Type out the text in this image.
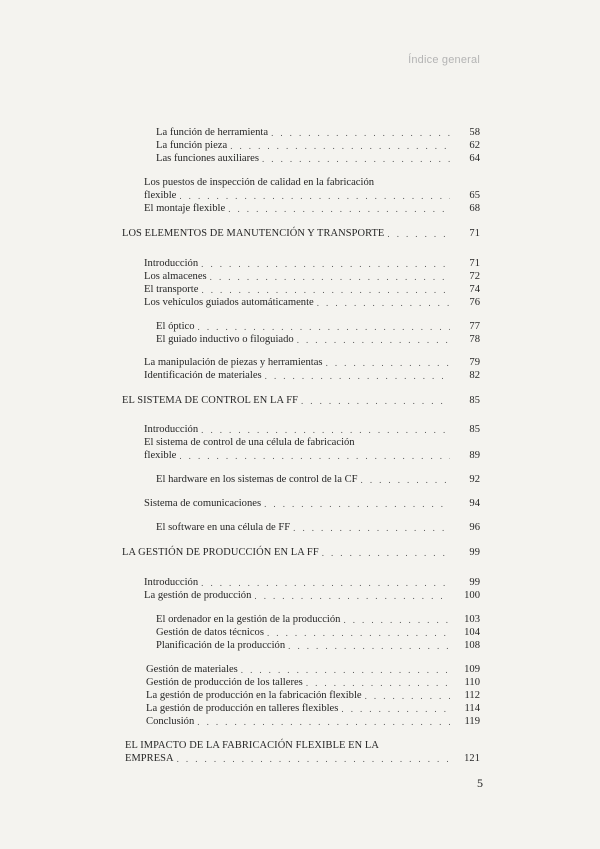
Índice general
La función de herramienta . . .	58
La función pieza . . .	62
Las funciones auxiliares . . .	64
Los puestos de inspección de calidad en la fabricación
flexible . . .	65
El montaje flexible . . .	68
LOS ELEMENTOS DE MANUTENCIÓN Y TRANSPORTE . . .	71
Introducción . . .	71
Los almacenes . . .	72
El transporte . . .	74
Los vehículos guiados automáticamente . . .	76
El óptico . . .	77
El guiado inductivo o filoguiado . . .	78
La manipulación de piezas y herramientas . . .	79
Identificación de materiales . . .	82
EL SISTEMA DE CONTROL EN LA FF . . .	85
Introducción . . .	85
El sistema de control de una célula de fabricación
flexible . . .	89
El hardware en los sistemas de control de la CF . . .	92
Sistema de comunicaciones . . .	94
El software en una célula de FF . . .	96
LA GESTIÓN DE PRODUCCIÓN EN LA FF . . .	99
Introducción . . .	99
La gestión de producción . . .	100
El ordenador en la gestión de la producción . . .	103
Gestión de datos técnicos . . .	104
Planificación de la producción . . .	108
Gestión de materiales . . .	109
Gestión de producción de los talleres . . .	110
La gestión de producción en la fabricación flexible . . .	112
La gestión de producción en talleres flexibles . . .	114
Conclusión . . .	119
EL IMPACTO DE LA FABRICACIÓN FLEXIBLE EN LA
EMPRESA . . .	121
5
